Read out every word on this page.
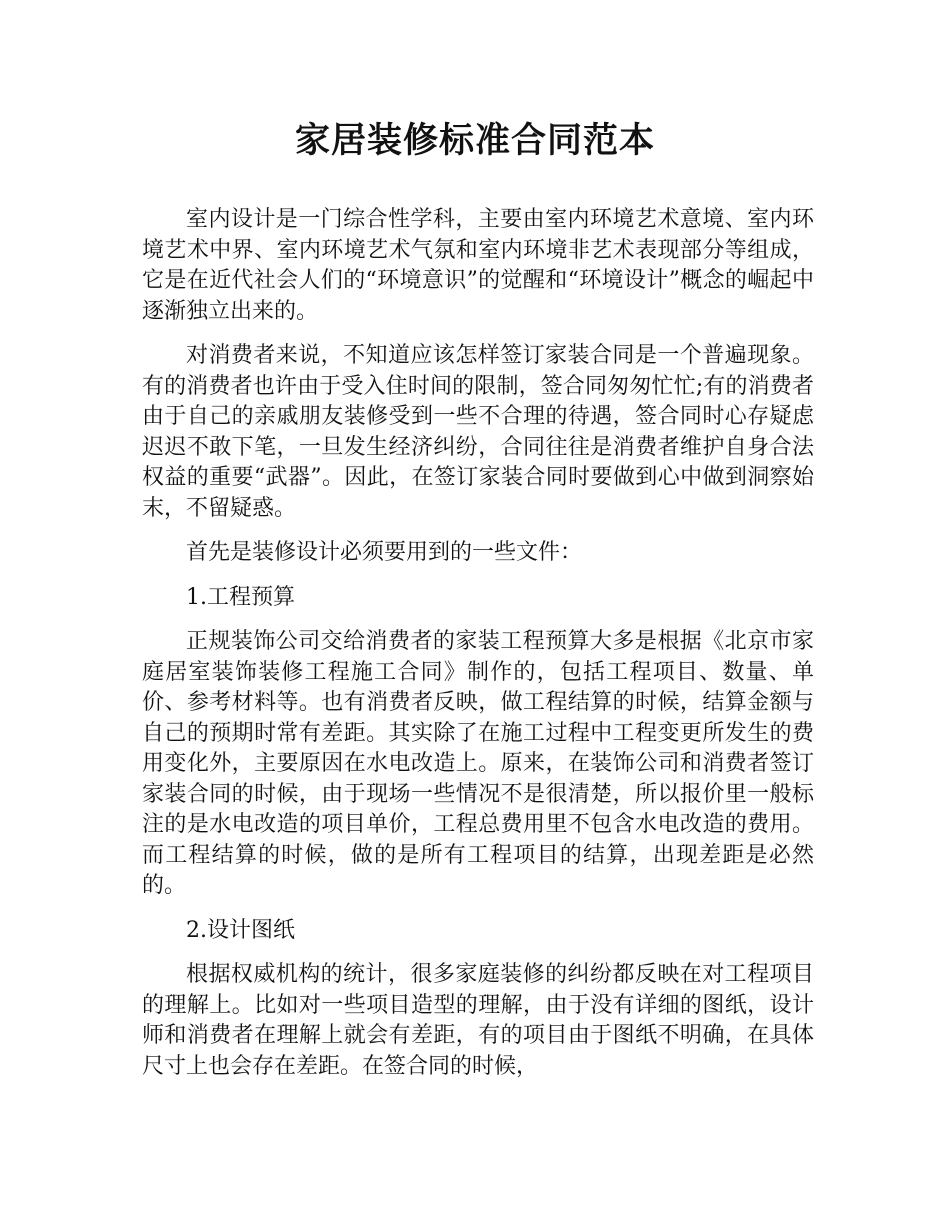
家居装修标准合同范本

室内设计是一门综合性学科，主要由室内环境艺术意境、室内环境艺术中界、室内环境艺术气氛和室内环境非艺术表现部分等组成，它是在近代社会人们的“环境意识”的觉醒和“环境设计”概念的崛起中逐渐独立出来的。

对消费者来说，不知道应该怎样签订家装合同是一个普遍现象。有的消费者也许由于受入住时间的限制，签合同匆匆忙忙;有的消费者由于自己的亲戚朋友装修受到一些不合理的待遇，签合同时心存疑虑迟迟不敢下笔，一旦发生经济纠纷，合同往往是消费者维护自身合法权益的重要“武器”。因此，在签订家装合同时要做到心中做到洞察始末，不留疑惑。

首先是装修设计必须要用到的一些文件：

1.工程预算

正规装饰公司交给消费者的家装工程预算大多是根据《北京市家庭居室装饰装修工程施工合同》制作的，包括工程项目、数量、单价、参考材料等。也有消费者反映，做工程结算的时候，结算金额与自己的预期时常有差距。其实除了在施工过程中工程变更所发生的费用变化外，主要原因在水电改造上。原来，在装饰公司和消费者签订家装合同的时候，由于现场一些情况不是很清楚，所以报价里一般标注的是水电改造的项目单价，工程总费用里不包含水电改造的费用。而工程结算的时候，做的是所有工程项目的结算，出现差距是必然的。

2.设计图纸

根据权威机构的统计，很多家庭装修的纠纷都反映在对工程项目的理解上。比如对一些项目造型的理解，由于没有详细的图纸，设计师和消费者在理解上就会有差距，有的项目由于图纸不明确，在具体尺寸上也会存在差距。在签合同的时候，
